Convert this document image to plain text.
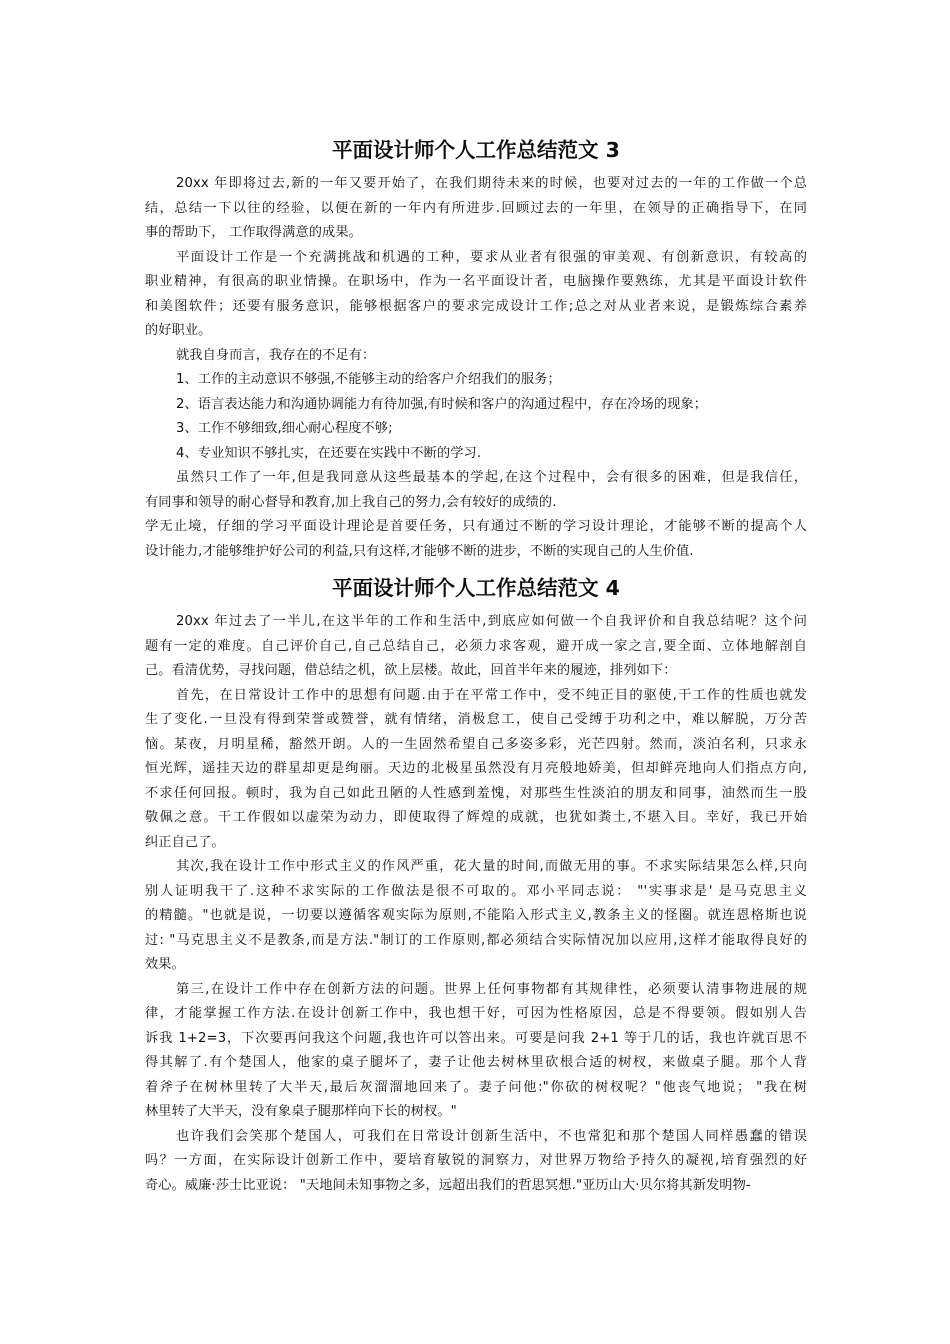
平面设计师个人工作总结范文 3

20xx 年即将过去,新的一年又要开始了，在我们期待未来的时候，也要对过去的一年的工作做一个总
结，总结一下以往的经验，以便在新的一年内有所进步.回顾过去的一年里，在领导的正确指导下，在同
事的帮助下， 工作取得满意的成果。

平面设计工作是一个充满挑战和机遇的工种，要求从业者有很强的审美观、有创新意识，有较高的
职业精神，有很高的职业情操。在职场中，作为一名平面设计者，电脑操作要熟练，尤其是平面设计软件
和美图软件；还要有服务意识，能够根据客户的要求完成设计工作;总之对从业者来说，是锻炼综合素养
的好职业。

就我自身而言，我存在的不足有：

1、工作的主动意识不够强,不能够主动的给客户介绍我们的服务；

2、语言表达能力和沟通协调能力有待加强,有时候和客户的沟通过程中，存在冷场的现象；

3、工作不够细致,细心耐心程度不够;

4、专业知识不够扎实，在还要在实践中不断的学习.

虽然只工作了一年,但是我同意从这些最基本的学起,在这个过程中，会有很多的困难，但是我信任，
有同事和领导的耐心督导和教育,加上我自己的努力,会有较好的成绩的.

学无止境，仔细的学习平面设计理论是首要任务，只有通过不断的学习设计理论，才能够不断的提高个人
设计能力,才能够维护好公司的利益,只有这样,才能够不断的进步，不断的实现自己的人生价值.

平面设计师个人工作总结范文 4

20xx 年过去了一半儿,在这半年的工作和生活中,到底应如何做一个自我评价和自我总结呢？这个问
题有一定的难度。自己评价自己,自己总结自己，必须力求客观，避开成一家之言,要全面、立体地解剖自
己。看清优势，寻找问题，借总结之机，欲上层楼。故此，回首半年来的履迹，排列如下：

首先，在日常设计工作中的思想有问题.由于在平常工作中，受不纯正目的驱使,干工作的性质也就发
生了变化.一旦没有得到荣誉或赞誉，就有情绪，消极怠工，使自己受缚于功利之中，难以解脱，万分苦
恼。某夜，月明星稀，豁然开朗。人的一生固然希望自己多姿多彩，光芒四射。然而，淡泊名利，只求永
恒光辉，遥挂天边的群星却更是绚丽。天边的北极星虽然没有月亮般地娇美，但却鲜亮地向人们指点方向,
不求任何回报。顿时，我为自己如此丑陋的人性感到羞愧，对那些生性淡泊的朋友和同事，油然而生一股
敬佩之意。干工作假如以虚荣为动力，即使取得了辉煌的成就，也犹如粪土,不堪入目。幸好，我已开始
纠正自己了。

其次,我在设计工作中形式主义的作风严重，花大量的时间,而做无用的事。不求实际结果怎么样,只向
别人证明我干了.这种不求实际的工作做法是很不可取的。邓小平同志说： "'实事求是' 是马克思主义
的精髓。"也就是说，一切要以遵循客观实际为原则,不能陷入形式主义,教条主义的怪圈。就连恩格斯也说
过: "马克思主义不是教条,而是方法."制订的工作原则,都必须结合实际情况加以应用,这样才能取得良好的
效果。

第三,在设计工作中存在创新方法的问题。世界上任何事物都有其规律性，必须要认清事物进展的规
律，才能掌握工作方法.在设计创新工作中，我也想干好，可因为性格原因，总是不得要领。假如别人告
诉我 1+2=3，下次要再问我这个问题,我也许可以答出来。可要是问我 2+1 等于几的话，我也许就百思不
得其解了.有个楚国人，他家的桌子腿坏了，妻子让他去树林里砍根合适的树杈，来做桌子腿。那个人背
着斧子在树林里转了大半天,最后灰溜溜地回来了。妻子问他:"你砍的树杈呢？"他丧气地说； "我在树
林里转了大半天，没有象桌子腿那样向下长的树杈。"

也许我们会笑那个楚国人，可我们在日常设计创新生活中，不也常犯和那个楚国人同样愚蠢的错误
吗？一方面，在实际设计创新工作中，要培育敏锐的洞察力，对世界万物给予持久的凝视,培育强烈的好
奇心。威廉·莎士比亚说： "天地间未知事物之多，远超出我们的哲思冥想."亚历山大·贝尔将其新发明物-
